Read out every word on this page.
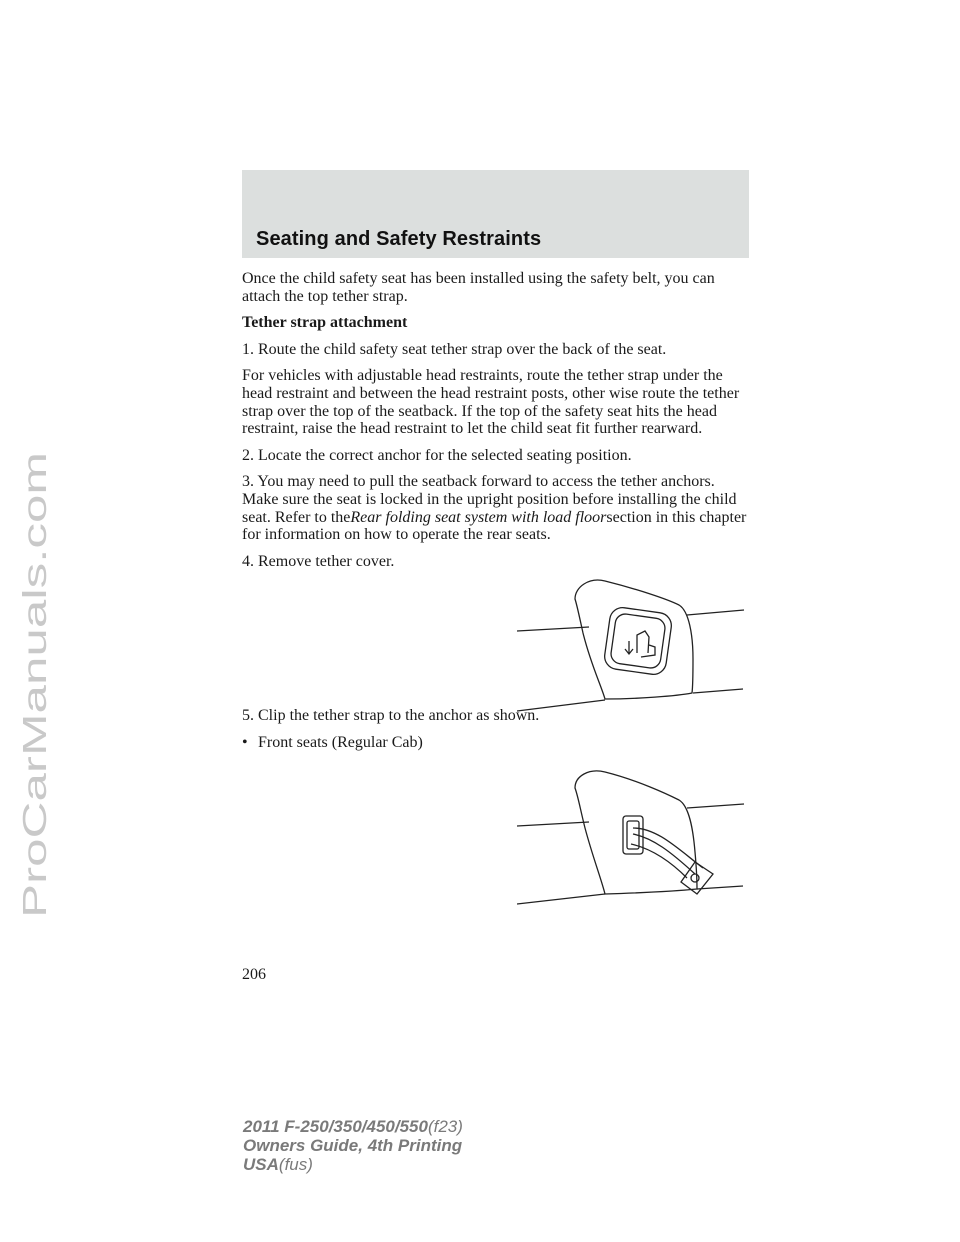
ProCarManuals.com
Seating and Safety Restraints

Once the child safety seat has been installed using the safety belt, you can attach the top tether strap.

Tether strap attachment

1. Route the child safety seat tether strap over the back of the seat.

For vehicles with adjustable head restraints, route the tether strap under the head restraint and between the head restraint posts, other wise route the tether strap over the top of the seatback. If the top of the safety seat hits the head restraint, raise the head restraint to let the child seat fit further rearward.

2. Locate the correct anchor for the selected seating position.

3. You may need to pull the seatback forward to access the tether anchors. Make sure the seat is locked in the upright position before installing the child seat. Refer to theRear folding seat system with load floorsection in this chapter for information on how to operate the rear seats.

4. Remove tether cover.

5. Clip the tether strap to the anchor as shown.

• Front seats (Regular Cab)

206
2011 F-250/350/450/550(f23)
Owners Guide, 4th Printing
USA(fus)
